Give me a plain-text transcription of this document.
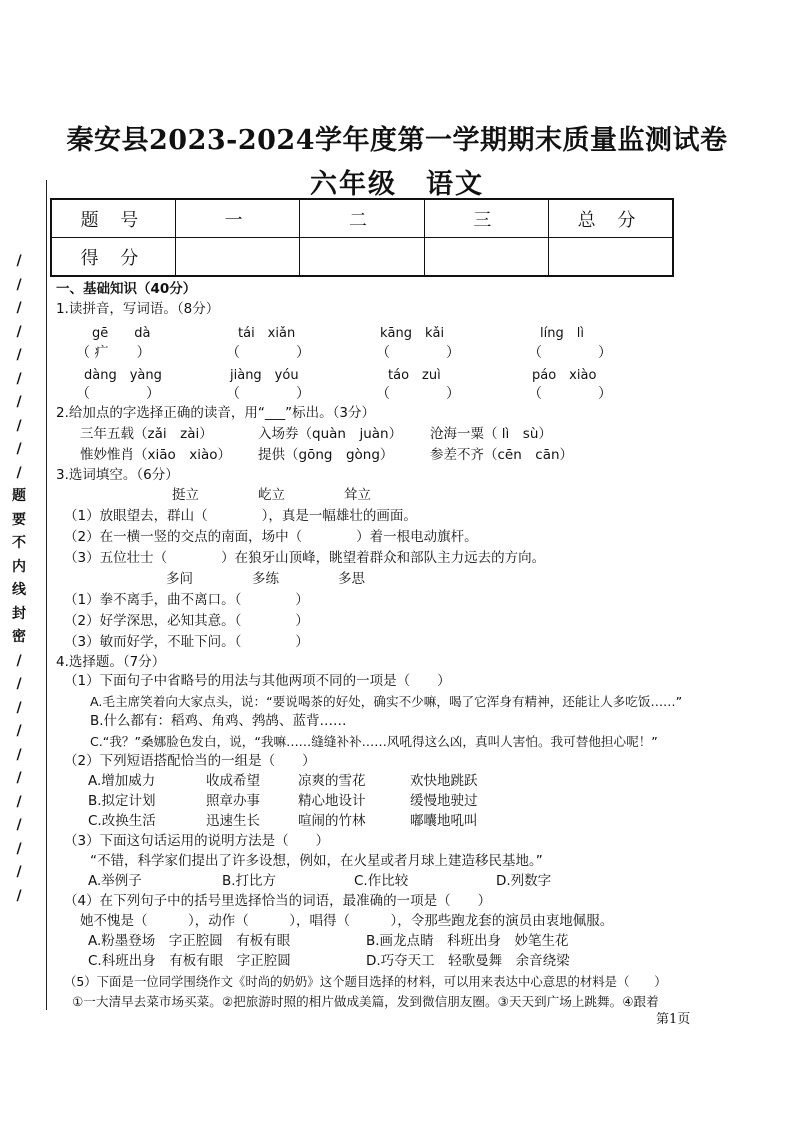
/
/
/
/
/
/
/
/
/
/
题
要
不
内
线
封
密
/
/
/
/
/
/
/
/
/
/
/
秦安县2023-2024学年度第一学期期末质量监测试卷
六年级　语文
题 号	一	二	三	总 分
得 分				
一、基础知识（40分）
1.读拼音，写词语。（8分）
gē　　dà	tái　xiǎn	kāng　kǎi	líng　lì
（ 疒　　）	（　　　　）	（　　　　）	（　　　　）
dàng　yàng	jiàng　yóu	táo　zuì	páo　xiào
（　　　　）	（　　　　）	（　　　　）	（　　　　）
2.给加点的字选择正确的读音，用“___”标出。（3分）
三年五载（zǎi　zài）	入场券（quàn　juàn） 沧海一粟（ lì　sù）
惟妙惟肖（xiāo　xiào） 提供（gōng　gòng）	参差不齐（cēn　cān）
3.选词填空。（6分）
挺立	屹立	耸立
（1）放眼望去，群山（　　　　），真是一幅雄壮的画面。
（2）在一横一竖的交点的南面，场中（　　　　）着一根电动旗杆。
（3）五位壮士（　　　　）在狼牙山顶峰，眺望着群众和部队主力远去的方向。
多问	多练	多思
（1）拳不离手，曲不离口。（　　　　）
（2）好学深思，必知其意。（　　　　）
（3）敏而好学，不耻下问。（　　　　）
4.选择题。（7分）
（1）下面句子中省略号的用法与其他两项不同的一项是（　　）
A.毛主席笑着向大家点头，说：“要说喝茶的好处，确实不少嘛，喝了它浑身有精神，还能让人多吃饭……”
B.什么都有：稻鸡、角鸡、鹁鸪、蓝背……
C.“我？”桑娜脸色发白，说，“我嘛……缝缝补补……风吼得这么凶，真叫人害怕。我可替他担心呢！”
（2）下列短语搭配恰当的一组是（　　）
A.增加威力	收成希望	凉爽的雪花	欢快地跳跃
B.拟定计划	照章办事	精心地设计	缓慢地驶过
C.改换生活	迅速生长	喧闹的竹林	嘟囔地吼叫
（3）下面这句话运用的说明方法是（　　）
“不错，科学家们提出了许多设想，例如，在火星或者月球上建造移民基地。”
A.举例子	B.打比方	C.作比较	D.列数字
（4）在下列句子中的括号里选择恰当的词语，最准确的一项是（　　）
她不愧是（　　　），动作（　　　），唱得（　　　），令那些跑龙套的演员由衷地佩服。
A.粉墨登场　字正腔圆　有板有眼	B.画龙点睛　科班出身　妙笔生花
C.科班出身　有板有眼　字正腔圆	D.巧夺天工　轻歌曼舞　余音绕梁
（5）下面是一位同学围绕作文《时尚的奶奶》这个题目选择的材料，可以用来表达中心意思的材料是（　　）
①一大清早去菜市场买菜。②把旅游时照的相片做成美篇，发到微信朋友圈。③天天到广场上跳舞。④跟着
第1页
